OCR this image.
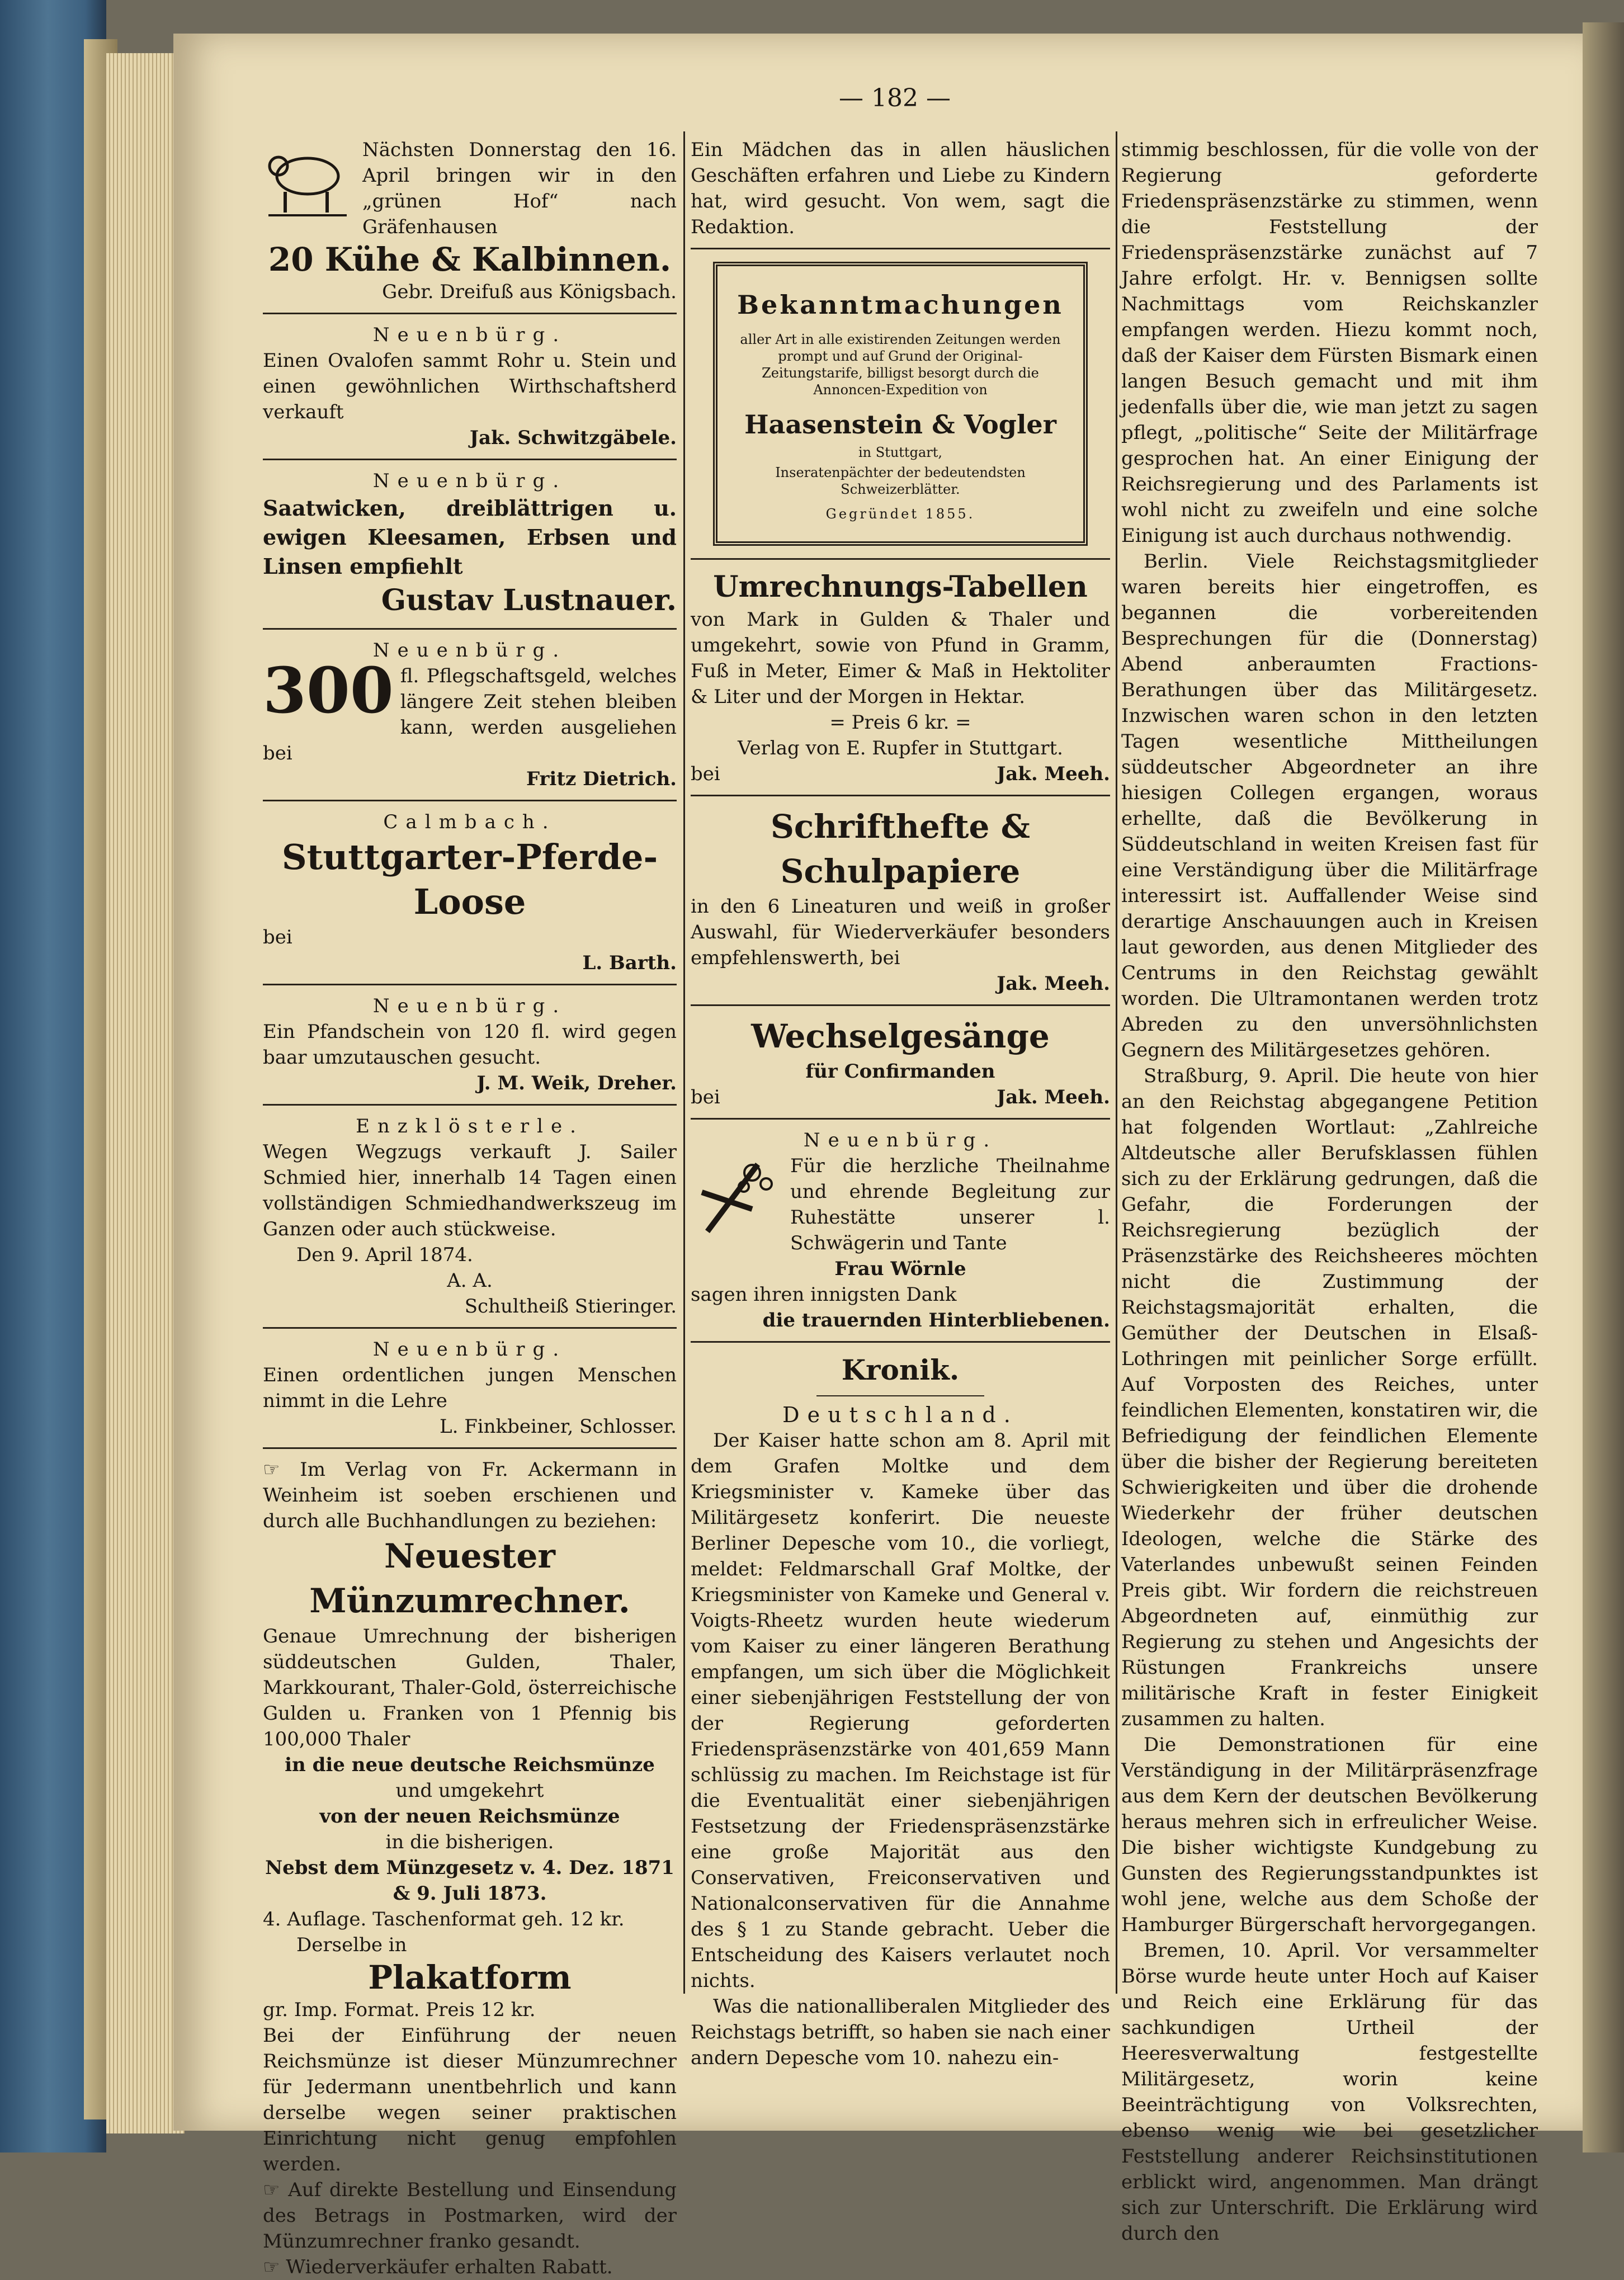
— 182 —
Nächsten Donnerstag den 16. April bringen wir in den „grünen Hof“ nach Gräfenhausen
20 Kühe & Kalbinnen.
Gebr. Dreifuß aus Königsbach.
Neuenbürg.
Einen Ovalofen sammt Rohr u. Stein und einen gewöhnlichen Wirthschaftsherd verkauft
Jak. Schwitzgäbele.
Neuenbürg.
Saatwicken, dreiblättrigen u. ewigen Kleesamen, Erbsen und Linsen empfiehlt
Gustav Lustnauer.
Neuenbürg.
300 fl. Pflegschaftsgeld, welches längere Zeit stehen bleiben kann, werden ausgeliehen bei
Fritz Dietrich.
Calmbach.
Stuttgarter-Pferde-Loose
bei
L. Barth.
Neuenbürg.
Ein Pfandschein von 120 fl. wird gegen baar umzutauschen gesucht.
J. M. Weik, Dreher.
Enzklösterle.
Wegen Wegzugs verkauft J. Sailer Schmied hier, innerhalb 14 Tagen einen vollständigen Schmiedhandwerkszeug im Ganzen oder auch stückweise.
Den 9. April 1874.
A. A.
Schultheiß Stieringer.
Neuenbürg.
Einen ordentlichen jungen Menschen nimmt in die Lehre
L. Finkbeiner, Schlosser.
☞ Im Verlag von Fr. Ackermann in Weinheim ist soeben erschienen und durch alle Buchhandlungen zu beziehen:
Neuester Münzumrechner.
Genaue Umrechnung der bisherigen süddeutschen Gulden, Thaler, Markkourant, Thaler-Gold, österreichische Gulden u. Franken von 1 Pfennig bis 100,000 Thaler
in die neue deutsche Reichsmünze
und umgekehrt
von der neuen Reichsmünze
in die bisherigen.
Nebst dem Münzgesetz v. 4. Dez. 1871 & 9. Juli 1873.
4. Auflage. Taschenformat geh. 12 kr.
Derselbe in
Plakatform
gr. Imp. Format. Preis 12 kr.
Bei der Einführung der neuen Reichsmünze ist dieser Münzumrechner für Jedermann unentbehrlich und kann derselbe wegen seiner praktischen Einrichtung nicht genug empfohlen werden.
☞ Auf direkte Bestellung und Einsendung des Betrags in Postmarken, wird der Münzumrechner franko gesandt.
☞ Wiederverkäufer erhalten Rabatt.
Ein Mädchen das in allen häuslichen Geschäften erfahren und Liebe zu Kindern hat, wird gesucht. Von wem, sagt die Redaktion.
Bekanntmachungen
aller Art in alle existirenden Zeitungen werden prompt und auf Grund der Original-Zeitungstarife, billigst besorgt durch die Annoncen-Expedition von
Haasenstein & Vogler
in Stuttgart,
Inseratenpächter der bedeutendsten Schweizerblätter.
Gegründet 1855.
Umrechnungs-Tabellen
von Mark in Gulden & Thaler und umgekehrt, sowie von Pfund in Gramm, Fuß in Meter, Eimer & Maß in Hektoliter & Liter und der Morgen in Hektar.
= Preis 6 kr. =
Verlag von E. Rupfer in Stuttgart.
bei	Jak. Meeh.
Schrifthefte & Schulpapiere
in den 6 Lineaturen und weiß in großer Auswahl, für Wiederverkäufer besonders empfehlenswerth, bei
Jak. Meeh.
Wechselgesänge
für Confirmanden
bei	Jak. Meeh.
Neuenbürg.
Für die herzliche Theilnahme und ehrende Begleitung zur Ruhestätte unserer l. Schwägerin und Tante
Frau Wörnle
sagen ihren innigsten Dank
die trauernden Hinterbliebenen.
Kronik.
Deutschland.
Der Kaiser hatte schon am 8. April mit dem Grafen Moltke und dem Kriegsminister v. Kameke über das Militärgesetz konferirt. Die neueste Berliner Depesche vom 10., die vorliegt, meldet: Feldmarschall Graf Moltke, der Kriegsminister von Kameke und General v. Voigts-Rheetz wurden heute wiederum vom Kaiser zu einer längeren Berathung empfangen, um sich über die Möglichkeit einer siebenjährigen Feststellung der von der Regierung geforderten Friedenspräsenzstärke von 401,659 Mann schlüssig zu machen. Im Reichstage ist für die Eventualität einer siebenjährigen Festsetzung der Friedenspräsenzstärke eine große Majorität aus den Conservativen, Freiconservativen und Nationalconservativen für die Annahme des § 1 zu Stande gebracht. Ueber die Entscheidung des Kaisers verlautet noch nichts.
Was die nationalliberalen Mitglieder des Reichstags betrifft, so haben sie nach einer andern Depesche vom 10. nahezu ein-
stimmig beschlossen, für die volle von der Regierung geforderte Friedenspräsenzstärke zu stimmen, wenn die Feststellung der Friedenspräsenzstärke zunächst auf 7 Jahre erfolgt. Hr. v. Bennigsen sollte Nachmittags vom Reichskanzler empfangen werden. Hiezu kommt noch, daß der Kaiser dem Fürsten Bismark einen langen Besuch gemacht und mit ihm jedenfalls über die, wie man jetzt zu sagen pflegt, „politische“ Seite der Militärfrage gesprochen hat. An einer Einigung der Reichsregierung und des Parlaments ist wohl nicht zu zweifeln und eine solche Einigung ist auch durchaus nothwendig.
Berlin. Viele Reichstagsmitglieder waren bereits hier eingetroffen, es begannen die vorbereitenden Besprechungen für die (Donnerstag) Abend anberaumten Fractions-Berathungen über das Militärgesetz. Inzwischen waren schon in den letzten Tagen wesentliche Mittheilungen süddeutscher Abgeordneter an ihre hiesigen Collegen ergangen, woraus erhellte, daß die Bevölkerung in Süddeutschland in weiten Kreisen fast für eine Verständigung über die Militärfrage interessirt ist. Auffallender Weise sind derartige Anschauungen auch in Kreisen laut geworden, aus denen Mitglieder des Centrums in den Reichstag gewählt worden. Die Ultramontanen werden trotz Abreden zu den unversöhnlichsten Gegnern des Militärgesetzes gehören.
Straßburg, 9. April. Die heute von hier an den Reichstag abgegangene Petition hat folgenden Wortlaut: „Zahlreiche Altdeutsche aller Berufsklassen fühlen sich zu der Erklärung gedrungen, daß die Gefahr, die Forderungen der Reichsregierung bezüglich der Präsenzstärke des Reichsheeres möchten nicht die Zustimmung der Reichstagsmajorität erhalten, die Gemüther der Deutschen in Elsaß-Lothringen mit peinlicher Sorge erfüllt. Auf Vorposten des Reiches, unter feindlichen Elementen, konstatiren wir, die Befriedigung der feindlichen Elemente über die bisher der Regierung bereiteten Schwierigkeiten und über die drohende Wiederkehr der früher deutschen Ideologen, welche die Stärke des Vaterlandes unbewußt seinen Feinden Preis gibt. Wir fordern die reichstreuen Abgeordneten auf, einmüthig zur Regierung zu stehen und Angesichts der Rüstungen Frankreichs unsere militärische Kraft in fester Einigkeit zusammen zu halten.
Die Demonstrationen für eine Verständigung in der Militärpräsenzfrage aus dem Kern der deutschen Bevölkerung heraus mehren sich in erfreulicher Weise. Die bisher wichtigste Kundgebung zu Gunsten des Regierungsstandpunktes ist wohl jene, welche aus dem Schoße der Hamburger Bürgerschaft hervorgegangen.
Bremen, 10. April. Vor versammelter Börse wurde heute unter Hoch auf Kaiser und Reich eine Erklärung für das sachkundigen Urtheil der Heeresverwaltung festgestellte Militärgesetz, worin keine Beeinträchtigung von Volksrechten, ebenso wenig wie bei gesetzlicher Feststellung anderer Reichsinstitutionen erblickt wird, angenommen. Man drängt sich zur Unterschrift. Die Erklärung wird durch den
